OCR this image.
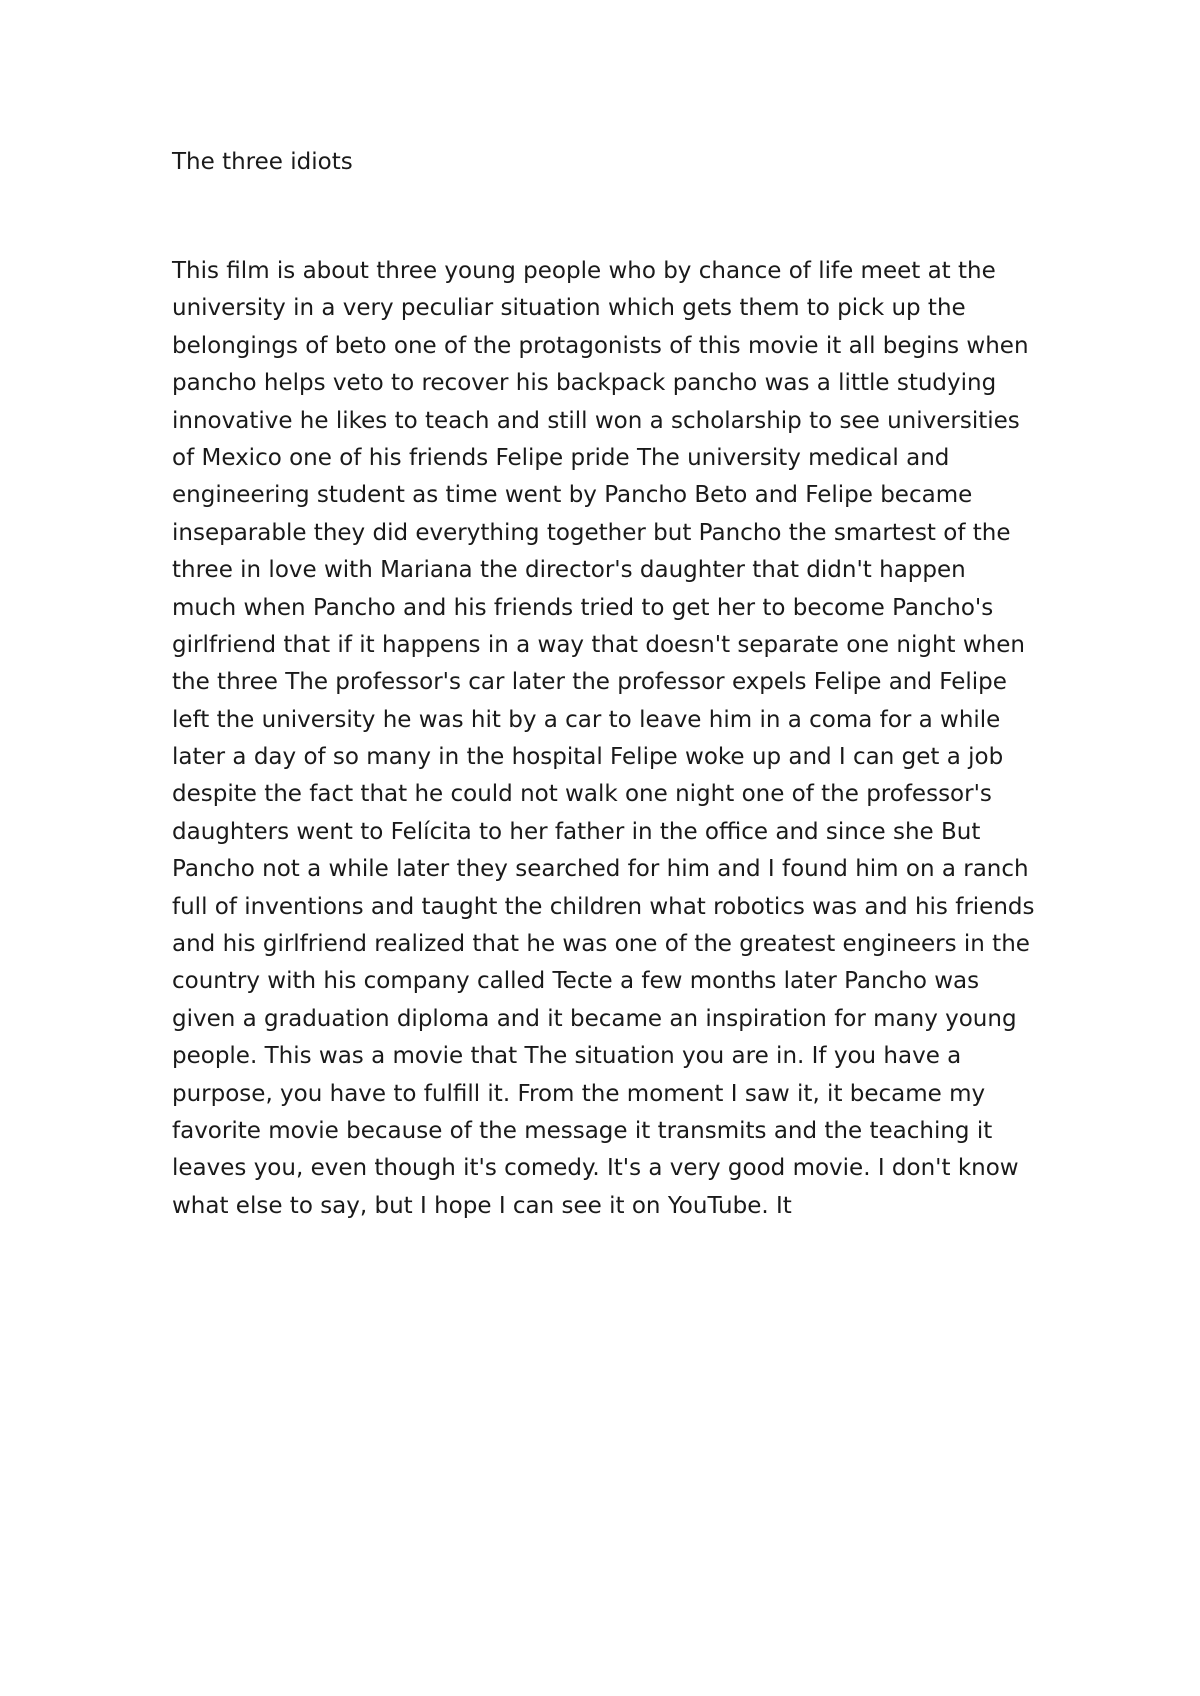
The three idiots
This film is about three young people who by chance of life meet at the
university in a very peculiar situation which gets them to pick up the
belongings of beto one of the protagonists of this movie it all begins when
pancho helps veto to recover his backpack pancho was a little studying
innovative he likes to teach and still won a scholarship to see universities
of Mexico one of his friends Felipe pride The university medical and
engineering student as time went by Pancho Beto and Felipe became
inseparable they did everything together but Pancho the smartest of the
three in love with Mariana the director's daughter that didn't happen
much when Pancho and his friends tried to get her to become Pancho's
girlfriend that if it happens in a way that doesn't separate one night when
the three The professor's car later the professor expels Felipe and Felipe
left the university he was hit by a car to leave him in a coma for a while
later a day of so many in the hospital Felipe woke up and I can get a job
despite the fact that he could not walk one night one of the professor's
daughters went to Felícita to her father in the office and since she But
Pancho not a while later they searched for him and I found him on a ranch
full of inventions and taught the children what robotics was and his friends
and his girlfriend realized that he was one of the greatest engineers in the
country with his company called Tecte a few months later Pancho was
given a graduation diploma and it became an inspiration for many young
people. This was a movie that The situation you are in. If you have a
purpose, you have to fulfill it. From the moment I saw it, it became my
favorite movie because of the message it transmits and the teaching it
leaves you, even though it's comedy. It's a very good movie. I don't know
what else to say, but I hope I can see it on YouTube. It
